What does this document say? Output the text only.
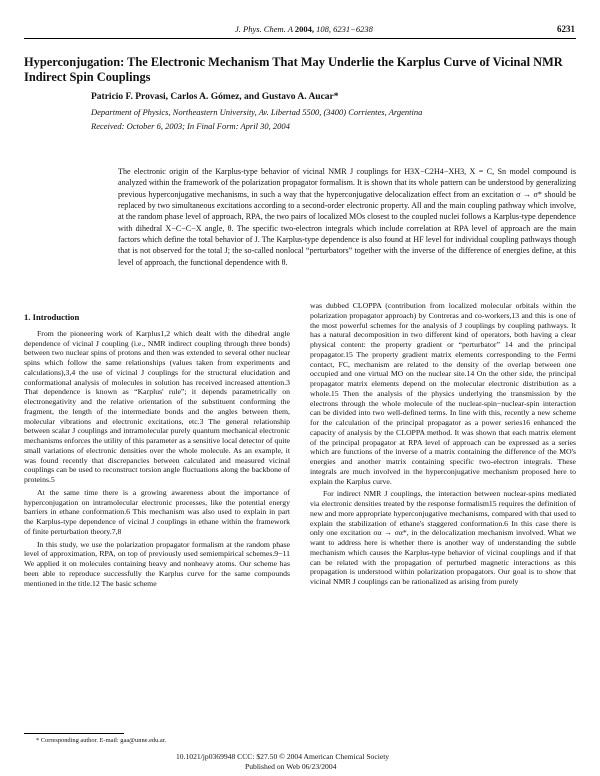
J. Phys. Chem. A 2004, 108, 6231−6238	6231
Hyperconjugation: The Electronic Mechanism That May Underlie the Karplus Curve of Vicinal NMR Indirect Spin Couplings
Patricio F. Provasi, Carlos A. Gómez, and Gustavo A. Aucar*
Department of Physics, Northeastern University, Av. Libertad 5500, (3400) Corrientes, Argentina
Received: October 6, 2003; In Final Form: April 30, 2004
The electronic origin of the Karplus-type behavior of vicinal NMR J couplings for H3X−C2H4−XH3, X = C, Sn model compound is analyzed within the framework of the polarization propagator formalism. It is shown that its whole pattern can be understood by generalizing previous hyperconjugative mechanisms, in such a way that the hyperconjugative delocalization effect from an excitation σ → σ* should be replaced by two simultaneous excitations according to a second-order electronic property. All and the main coupling pathway which involve, at the random phase level of approach, RPA, the two pairs of localized MOs closest to the coupled nuclei follows a Karplus-type dependence with dihedral X−C−C−X angle, θ. The specific two-electron integrals which include correlation at RPA level of approach are the main factors which define the total behavior of J. The Karplus-type dependence is also found at HF level for individual coupling pathways though that is not observed for the total J; the so-called nonlocal “perturbators” together with the inverse of the difference of energies define, at this level of approach, the functional dependence with θ.

1. Introduction

From the pioneering work of Karplus1,2 which dealt with the dihedral angle dependence of vicinal J coupling (i.e., NMR indirect coupling through three bonds) between two nuclear spins of protons and then was extended to several other nuclear spins which follow the same relationships (values taken from experiments and calculations),3,4 the use of vicinal J couplings for the structural elucidation and conformational analysis of molecules in solution has received increased attention.3 That dependence is known as “Karplus' rule”; it depends parametrically on electronegativity and the relative orientation of the substituent conforming the fragment, the length of the intermediate bonds and the angles between them, molecular vibrations and electronic excitations, etc.3 The general relationship between scalar J couplings and intramolecular purely quantum mechanical electronic mechanisms enforces the utility of this parameter as a sensitive local detector of quite small variations of electronic densities over the whole molecule. As an example, it was found recently that discrepancies between calculated and measured vicinal couplings can be used to reconstruct torsion angle fluctuations along the backbone of proteins.5

At the same time there is a growing awareness about the importance of hyperconjugation on intramolecular electronic processes, like the potential energy barriers in ethane conformation.6 This mechanism was also used to explain in part the Karplus-type dependence of vicinal J couplings in ethane within the framework of finite perturbation theory.7,8

In this study, we use the polarization propagator formalism at the random phase level of approximation, RPA, on top of previously used semiempirical schemes.9−11 We applied it on molecules containing heavy and nonheavy atoms. Our scheme has been able to reproduce successfully the Karplus curve for the same compounds mentioned in the title.12 The basic scheme

was dubbed CLOPPA (contribution from localized molecular orbitals within the polarization propagator approach) by Contreras and co-workers,13 and this is one of the most powerful schemes for the analysis of J couplings by coupling pathways. It has a natural decomposition in two different kind of operators, both having a clear physical content: the property gradient or “perturbator” 14 and the principal propagator.15 The property gradient matrix elements corresponding to the Fermi contact, FC, mechanism are related to the density of the overlap between one occupied and one virtual MO on the nuclear site.14 On the other side, the principal propagator matrix elements depend on the molecular electronic distribution as a whole.15 Then the analysis of the physics underlying the transmission by the electrons through the whole molecule of the nuclear-spin−nuclear-spin interaction can be divided into two well-defined terms. In line with this, recently a new scheme for the calculation of the principal propagator as a power series16 enhanced the capacity of analysis by the CLOPPA method. It was shown that each matrix element of the principal propagator at RPA level of approach can be expressed as a series which are functions of the inverse of a matrix containing the difference of the MO's energies and another matrix containing specific two-electron integrals. These integrals are much involved in the hyperconjugative mechanism proposed here to explain the Karplus curve.

For indirect NMR J couplings, the interaction between nuclear-spins mediated via electronic densities treated by the response formalism15 requires the definition of new and more appropriate hyperconjugative mechanisms, compared with that used to explain the stabilization of ethane's staggered conformation.6 In this case there is only one excitation σα → σα*, in the delocalization mechanism involved. What we want to address here is whether there is another way of understanding the subtle mechanism which causes the Karplus-type behavior of vicinal couplings and if that can be related with the propagation of perturbed magnetic interactions as this propagation is understood within polarization propagators. Our goal is to show that vicinal NMR J couplings can be rationalized as arising from purely

* Corresponding author. E-mail: gaa@unne.edu.ar.
10.1021/jp0369948 CCC: $27.50 © 2004 American Chemical Society
Published on Web 06/23/2004
